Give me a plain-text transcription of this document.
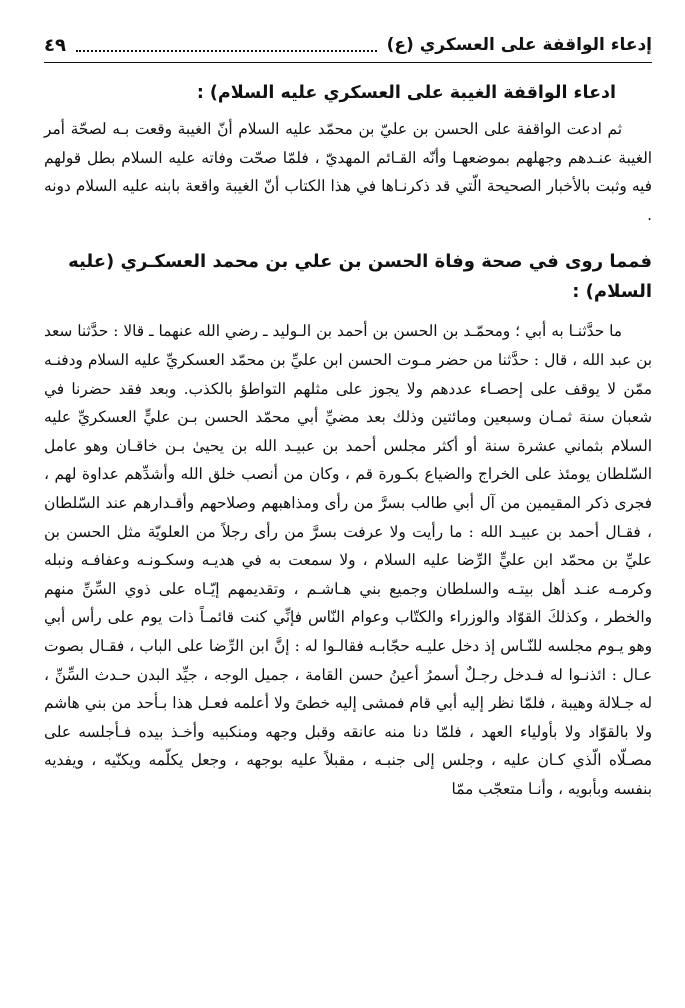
إدعاء الواقفة على العسكري (ع)
٤٩
ادعاء الواقفة الغيبة على العسكري عليه السلام) :

ثم ادعت الواقفة على الحسن بن عليّ بن محمّد عليه السلام أنّ الغيبة وقعت بـه لصحّة أمر الغيبة عنـدهم وجهلهم بموضعهـا وأنّه القـائم المهديّ ، فلمّا صحّت وفاته عليه السلام بطل قولهم فيه وثبت بالأخبار الصحيحة الّتي قد ذكرنـاها في هذا الكتاب أنّ الغيبة واقعة بابنه عليه السلام دونه .

فمما روى في صحة وفاة الحسن بن علي بن محمد العسكـري (عليه السلام) :

ما حدَّثنـا به أبي ؛ ومحمّـد بن الحسن بن أحمد بن الـوليد ـ رضي الله عنهما ـ قالا : حدَّثنا سعد بن عبد الله ، قال : حدَّثنا من حضر مـوت الحسن ابن عليِّ بن محمّد العسكريِّ عليه السلام ودفنـه ممّن لا يوقف على إحصـاء عددهم ولا يجوز على مثلهم التواطؤ بالكذب. وبعد فقد حضرنا في شعبان سنة ثمـان وسبعين ومائتين وذلك بعد مضيِّ أبي محمّد الحسن بـن عليٍّ العسكريِّ عليه السلام بثماني عشرة سنة أو أكثر مجلس أحمد بن عبيـد الله بن يحيىٰ بـن خاقـان وهو عامل السّلطان يومئذ على الخراج والضياع بكـورة قم ، وكان من أنصب خلق الله وأشدِّهم عداوة لهم ، فجرى ذكر المقيمين من آل أبي طالب بسرَّ من رأى ومذاهبهم وصلاحهم وأقـدارهم عند السّلطان ، فقـال أحمد بن عبيـد الله : ما رأيت ولا عرفت بسرَّ من رأى رجلاً من العلويّة مثل الحسن بن عليِّ بن محمّد ابن عليٍّ الرِّضا عليه السلام ، ولا سمعت به في هديـه وسكـونـه وعفافـه ونبله وكرمـه عنـد أهل بيتـه والسلطان وجميع بني هـاشـم ، وتقديمهم إيّـاه على ذوي السِّنِّ منهم والخطر ، وكذلكَ القوّاد والوزراء والكتّاب وعوام النّاس فإنِّي كنت قائمـاً ذات يوم على رأس أبي وهو يـوم مجلسه للنّـاس إذ دخل عليـه حجّابـه فقالـوا له : إنَّ ابن الرِّضا على الباب ، فقـال بصوت عـال : ائذنـوا له فـدخل رجـلٌ أسمرُ أعينُ حسن القامة ، جميل الوجه ، جيِّد البدن حـدث السِّنِّ ، له جـلالة وهيبة ، فلمّا نظر إليه أبي قام فمشى إليه خطىً ولا أعلمه فعـل هذا بـأحد من بني هاشم ولا بالقوّاد ولا بأولياء العهد ، فلمّا دنا منه عانقه وقبل وجهه ومنكبيه وأخـذ بيده فـأجلسه على مصـلّاه الّذي كـان عليه ، وجلس إلى جنبـه ، مقبلاً عليه بوجهه ، وجعل يكلّمه ويكنّيه ، ويفديه بنفسه وبأبويه ، وأنـا متعجّب ممّا
